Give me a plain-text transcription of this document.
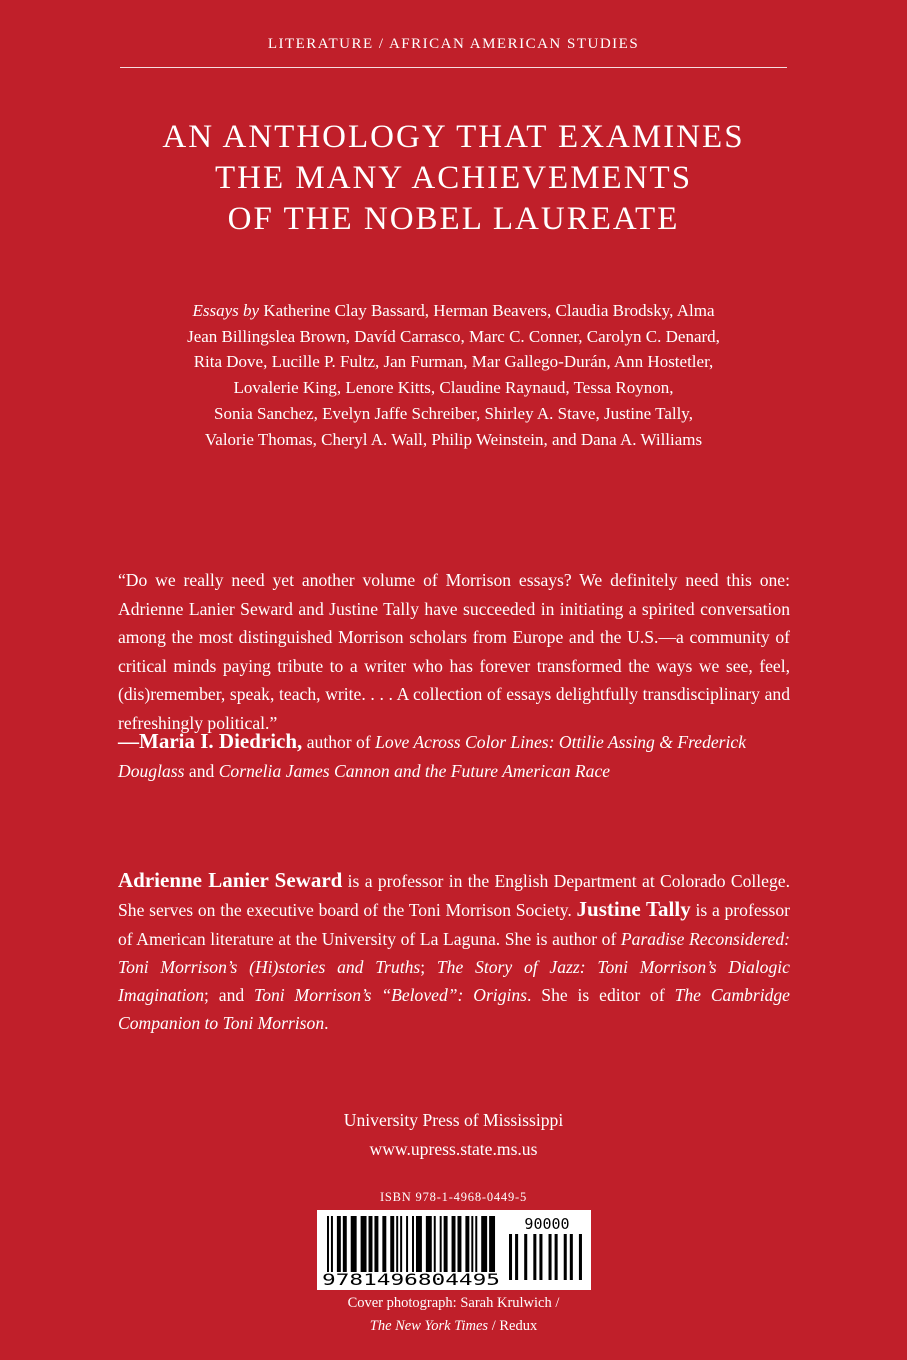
LITERATURE / AFRICAN AMERICAN STUDIES
AN ANTHOLOGY THAT EXAMINES
THE MANY ACHIEVEMENTS
OF THE NOBEL LAUREATE
Essays by Katherine Clay Bassard, Herman Beavers, Claudia Brodsky, Alma
Jean Billingslea Brown, Davíd Carrasco, Marc C. Conner, Carolyn C. Denard,
Rita Dove, Lucille P. Fultz, Jan Furman, Mar Gallego-Durán, Ann Hostetler,
Lovalerie King, Lenore Kitts, Claudine Raynaud, Tessa Roynon,
Sonia Sanchez, Evelyn Jaffe Schreiber, Shirley A. Stave, Justine Tally,
Valorie Thomas, Cheryl A. Wall, Philip Weinstein, and Dana A. Williams
“Do we really need yet another volume of Morrison essays? We definitely need this one: Adrienne Lanier Seward and Justine Tally have succeeded in initiating a spirited conversation among the most distinguished Morrison scholars from Europe and the U.S.—a community of critical minds paying tribute to a writer who has forever transformed the ways we see, feel, (dis)remember, speak, teach, write. . . . A collection of essays delightfully transdisciplinary and refreshingly political.”
—Maria I. Diedrich, author of Love Across Color Lines: Ottilie Assing & Frederick Douglass and Cornelia James Cannon and the Future American Race
Adrienne Lanier Seward is a professor in the English Department at Colorado College. She serves on the executive board of the Toni Morrison Society. Justine Tally is a professor of American literature at the University of La Laguna. She is author of Paradise Reconsidered: Toni Morrison’s (Hi)stories and Truths; The Story of Jazz: Toni Morrison’s Dialogic Imagination; and Toni Morrison’s “Beloved”: Origins. She is editor of The Cambridge Companion to Toni Morrison.
University Press of Mississippi
www.upress.state.ms.us
ISBN 978-1-4968-0449-5
90000
9781496804495
Cover photograph: Sarah Krulwich /
The New York Times / Redux
